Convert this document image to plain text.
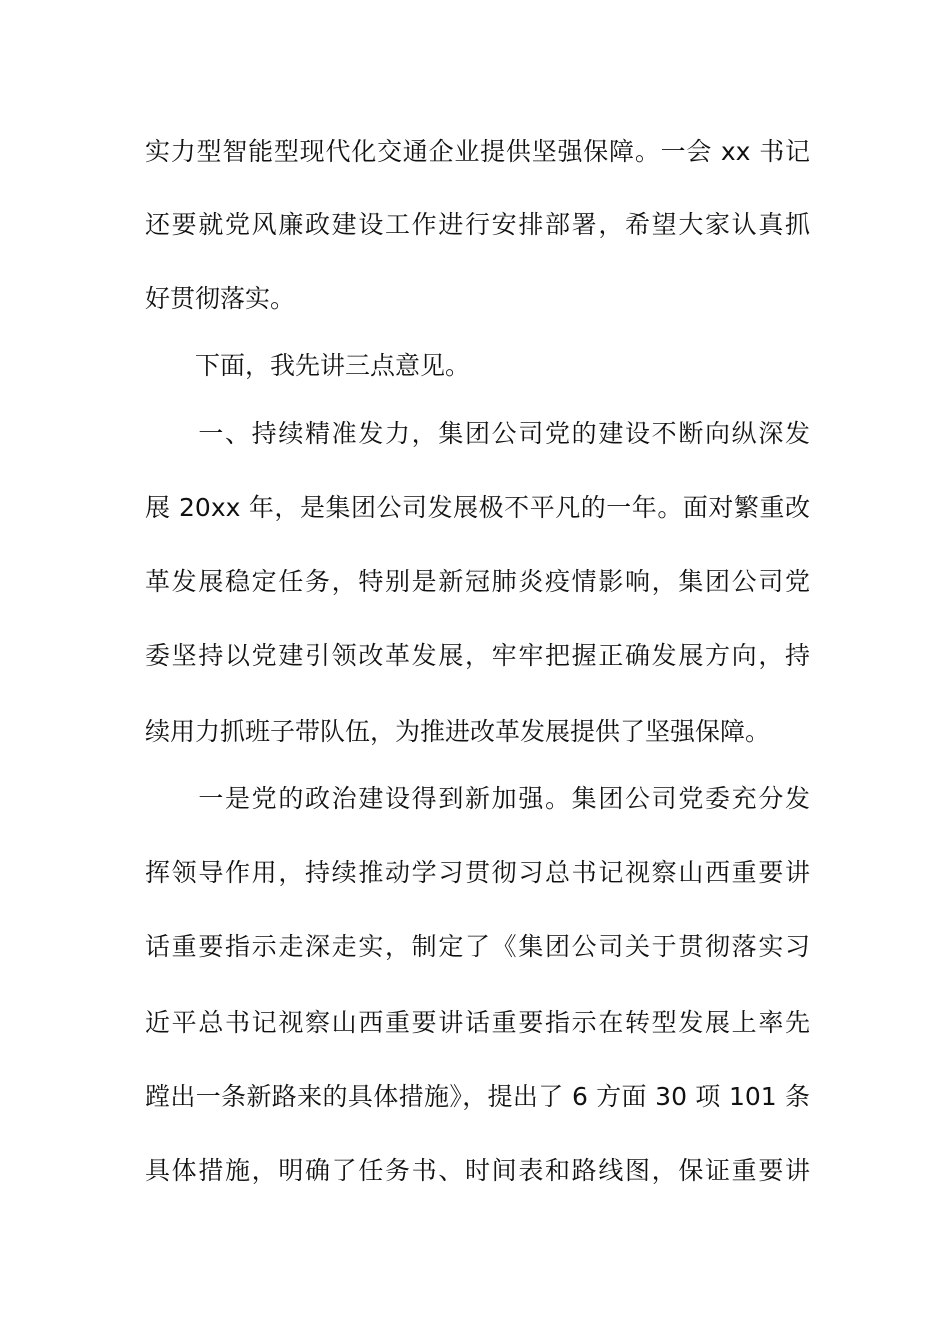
实力型智能型现代化交通企业提供坚强保障。一会 xx 书记
还要就党风廉政建设工作进行安排部署，希望大家认真抓
好贯彻落实。
　　下面，我先讲三点意见。
　　一、持续精准发力，集团公司党的建设不断向纵深发
展 20xx 年，是集团公司发展极不平凡的一年。面对繁重改
革发展稳定任务，特别是新冠肺炎疫情影响，集团公司党
委坚持以党建引领改革发展，牢牢把握正确发展方向，持
续用力抓班子带队伍，为推进改革发展提供了坚强保障。
　　一是党的政治建设得到新加强。集团公司党委充分发
挥领导作用，持续推动学习贯彻习总书记视察山西重要讲
话重要指示走深走实，制定了《集团公司关于贯彻落实习
近平总书记视察山西重要讲话重要指示在转型发展上率先
蹚出一条新路来的具体措施》，提出了 6 方面 30 项 101 条
具体措施，明确了任务书、时间表和路线图，保证重要讲
